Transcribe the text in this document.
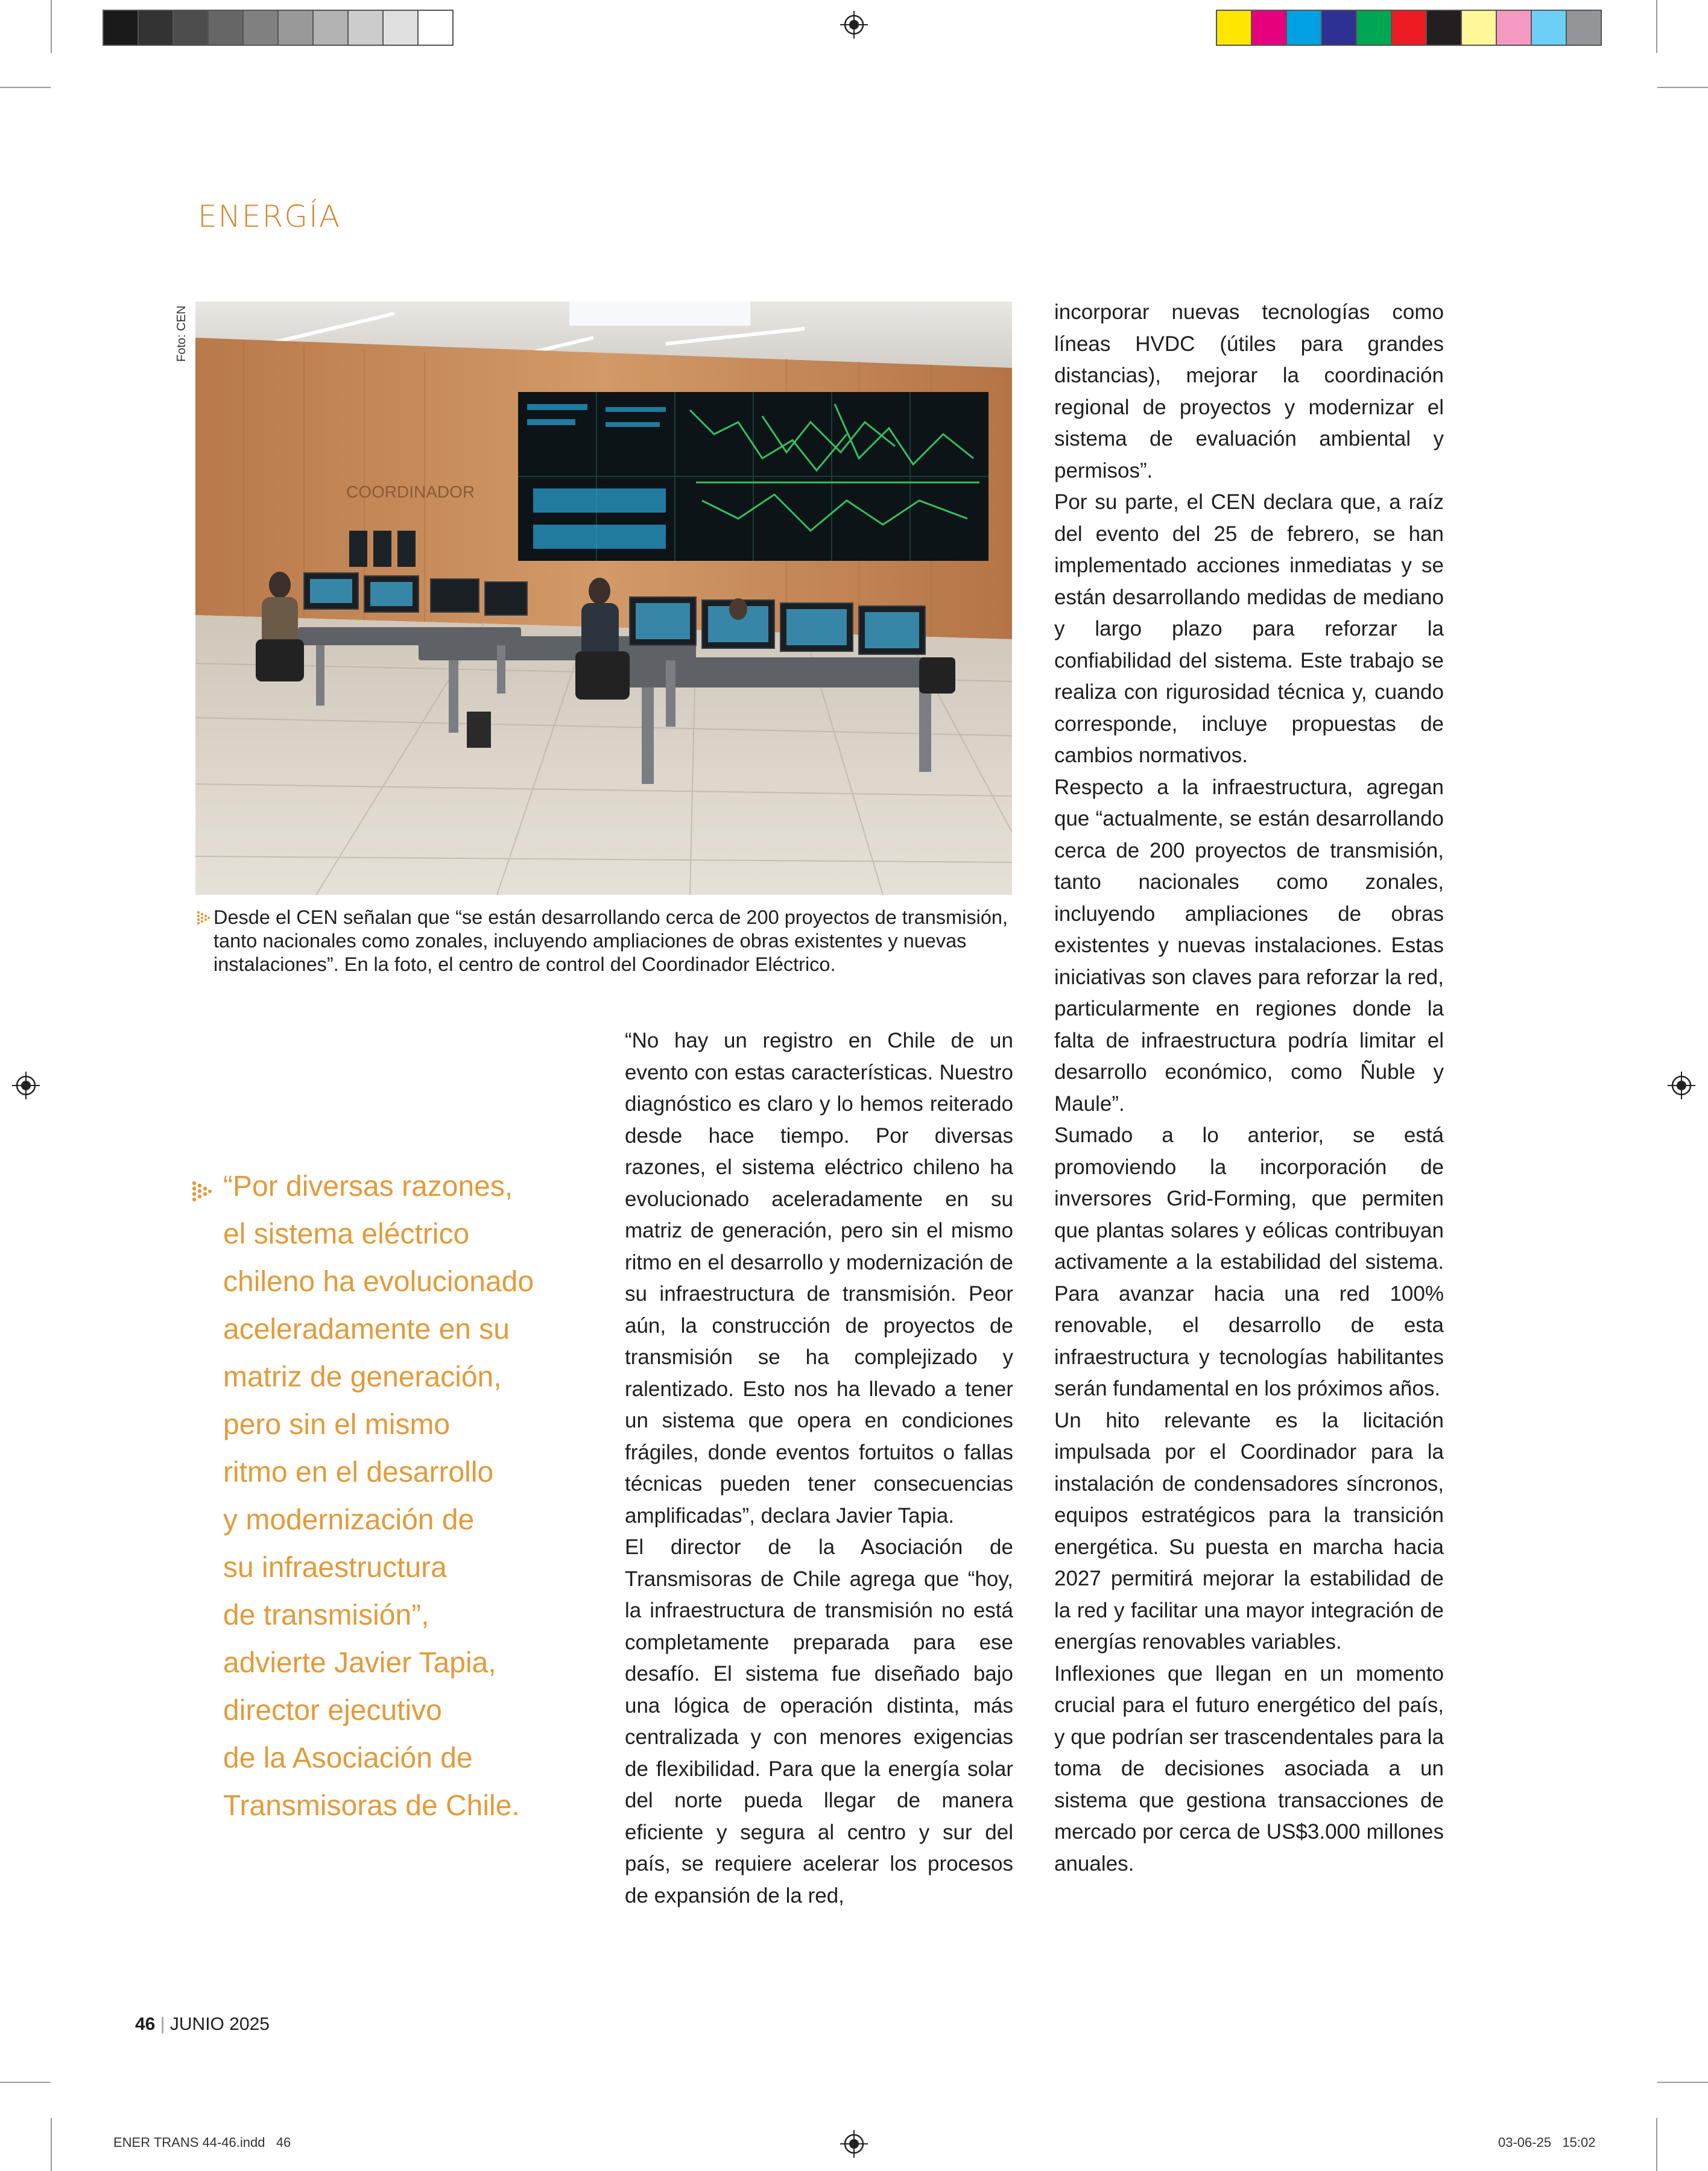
ENERGÍA
Foto: CEN
COORDINADOR
Desde el CEN señalan que “se están desarrollando cerca de 200 proyectos de transmisión,
tanto nacionales como zonales, incluyendo ampliaciones de obras existentes y nuevas
instalaciones”. En la foto, el centro de control del Coordinador Eléctrico.
“Por diversas razones,
el sistema eléctrico
chileno ha evolucionado
aceleradamente en su
matriz de generación,
pero sin el mismo
ritmo en el desarrollo
y modernización de
su infraestructura
de transmisión”,
advierte Javier Tapia,
director ejecutivo
de la Asociación de
Transmisoras de Chile.

“No hay un registro en Chile de un evento con estas características. Nuestro diagnóstico es claro y lo hemos reiterado desde hace tiempo. Por diversas razones, el sistema eléctrico chileno ha evolucionado aceleradamente en su matriz de generación, pero sin el mismo ritmo en el desarrollo y modernización de su infraestructura de transmisión. Peor aún, la construcción de proyectos de transmisión se ha complejizado y ralentizado. Esto nos ha llevado a tener un sistema que opera en condiciones frágiles, donde eventos fortuitos o fallas técnicas pueden tener consecuencias amplificadas”, declara Javier Tapia.

El director de la Asociación de Transmisoras de Chile agrega que “hoy, la infraestructura de transmisión no está completamente preparada para ese desafío. El sistema fue diseñado bajo una lógica de operación distinta, más centralizada y con menores exigencias de flexibilidad. Para que la energía solar del norte pueda llegar de manera eficiente y segura al centro y sur del país, se requiere acelerar los procesos de expansión de la red,

incorporar nuevas tecnologías como líneas HVDC (útiles para grandes distancias), mejorar la coordinación regional de proyectos y modernizar el sistema de evaluación ambiental y permisos”.

Por su parte, el CEN declara que, a raíz del evento del 25 de febrero, se han implementado acciones inmediatas y se están desarrollando medidas de mediano y largo plazo para reforzar la confiabilidad del sistema. Este trabajo se realiza con rigurosidad técnica y, cuando corresponde, incluye propuestas de cambios normativos.

Respecto a la infraestructura, agregan que “actualmente, se están desarrollando cerca de 200 proyectos de transmisión, tanto nacionales como zonales, incluyendo ampliaciones de obras existentes y nuevas instalaciones. Estas iniciativas son claves para reforzar la red, particularmente en regiones donde la falta de infraestructura podría limitar el desarrollo económico, como Ñuble y Maule”.

Sumado a lo anterior, se está promoviendo la incorporación de inversores Grid-Forming, que permiten que plantas solares y eólicas contribuyan activamente a la estabilidad del sistema. Para avanzar hacia una red 100% renovable, el desarrollo de esta infraestructura y tecnologías habilitantes serán fundamental en los próximos años.

Un hito relevante es la licitación impulsada por el Coordinador para la instalación de condensadores síncronos, equipos estratégicos para la transición energética. Su puesta en marcha hacia 2027 permitirá mejorar la estabilidad de la red y facilitar una mayor integración de energías renovables variables.

Inflexiones que llegan en un momento crucial para el futuro energético del país, y que podrían ser trascendentales para la toma de decisiones asociada a un sistema que gestiona transacciones de mercado por cerca de US$3.000 millones anuales.

46 | JUNIO 2025
ENER TRANS 44-46.indd   46	03-06-25   15:02
